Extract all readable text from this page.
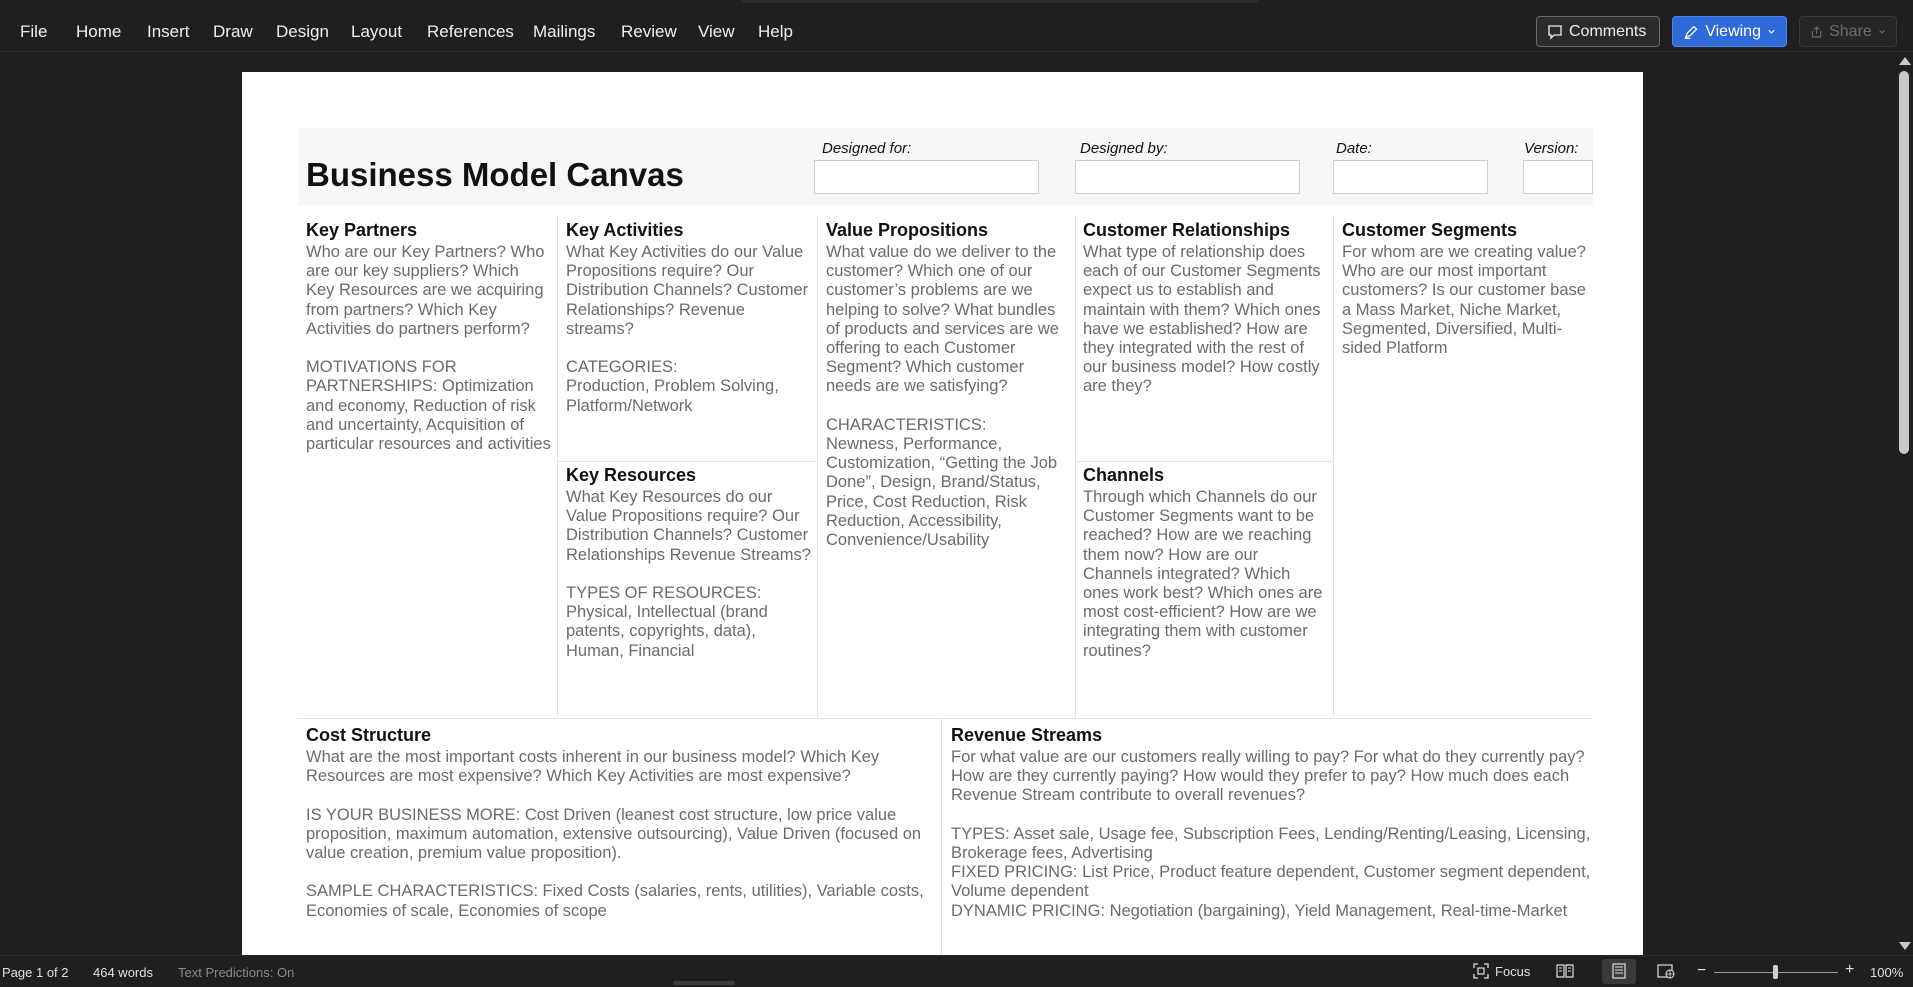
File Home Insert Draw Design Layout References Mailings Review View Help	Comments	Viewing	Share
Business Model Canvas
Designed for:	Designed by:	Date:	Version:
Key Partners
Who are our Key Partners? Who are our key suppliers? Which Key Resources are we acquiring from partners? Which Key Activities do partners perform?

MOTIVATIONS FOR PARTNERSHIPS: Optimization and economy, Reduction of risk and uncertainty, Acquisition of particular resources and activities
Key Activities
What Key Activities do our Value Propositions require? Our Distribution Channels? Customer Relationships? Revenue streams?

CATEGORIES:
Production, Problem Solving, Platform/Network
Key Resources
What Key Resources do our Value Propositions require? Our Distribution Channels? Customer Relationships Revenue Streams?

TYPES OF RESOURCES: Physical, Intellectual (brand patents, copyrights, data), Human, Financial
Value Propositions
What value do we deliver to the customer? Which one of our customer’s problems are we helping to solve? What bundles of products and services are we offering to each Customer Segment? Which customer needs are we satisfying?

CHARACTERISTICS:
Newness, Performance, Customization, “Getting the Job Done”, Design, Brand/Status, Price, Cost Reduction, Risk Reduction, Accessibility, Convenience/Usability
Customer Relationships
What type of relationship does each of our Customer Segments expect us to establish and maintain with them? Which ones have we established? How are they integrated with the rest of our business model? How costly are they?
Channels
Through which Channels do our Customer Segments want to be reached? How are we reaching them now? How are our Channels integrated? Which ones work best? Which ones are most cost-efficient? How are we integrating them with customer routines?
Customer Segments
For whom are we creating value? Who are our most important customers? Is our customer base a Mass Market, Niche Market, Segmented, Diversified, Multi-sided Platform
Cost Structure
What are the most important costs inherent in our business model? Which Key Resources are most expensive? Which Key Activities are most expensive?

IS YOUR BUSINESS MORE: Cost Driven (leanest cost structure, low price value proposition, maximum automation, extensive outsourcing), Value Driven (focused on value creation, premium value proposition).

SAMPLE CHARACTERISTICS: Fixed Costs (salaries, rents, utilities), Variable costs, Economies of scale, Economies of scope
Revenue Streams
For what value are our customers really willing to pay? For what do they currently pay? How are they currently paying? How would they prefer to pay? How much does each Revenue Stream contribute to overall revenues?

TYPES: Asset sale, Usage fee, Subscription Fees, Lending/Renting/Leasing, Licensing, Brokerage fees, Advertising
FIXED PRICING: List Price, Product feature dependent, Customer segment dependent, Volume dependent
DYNAMIC PRICING: Negotiation (bargaining), Yield Management, Real-time-Market
Page 1 of 2 464 words Text Predictions: On	Focus	−	+ 100%
